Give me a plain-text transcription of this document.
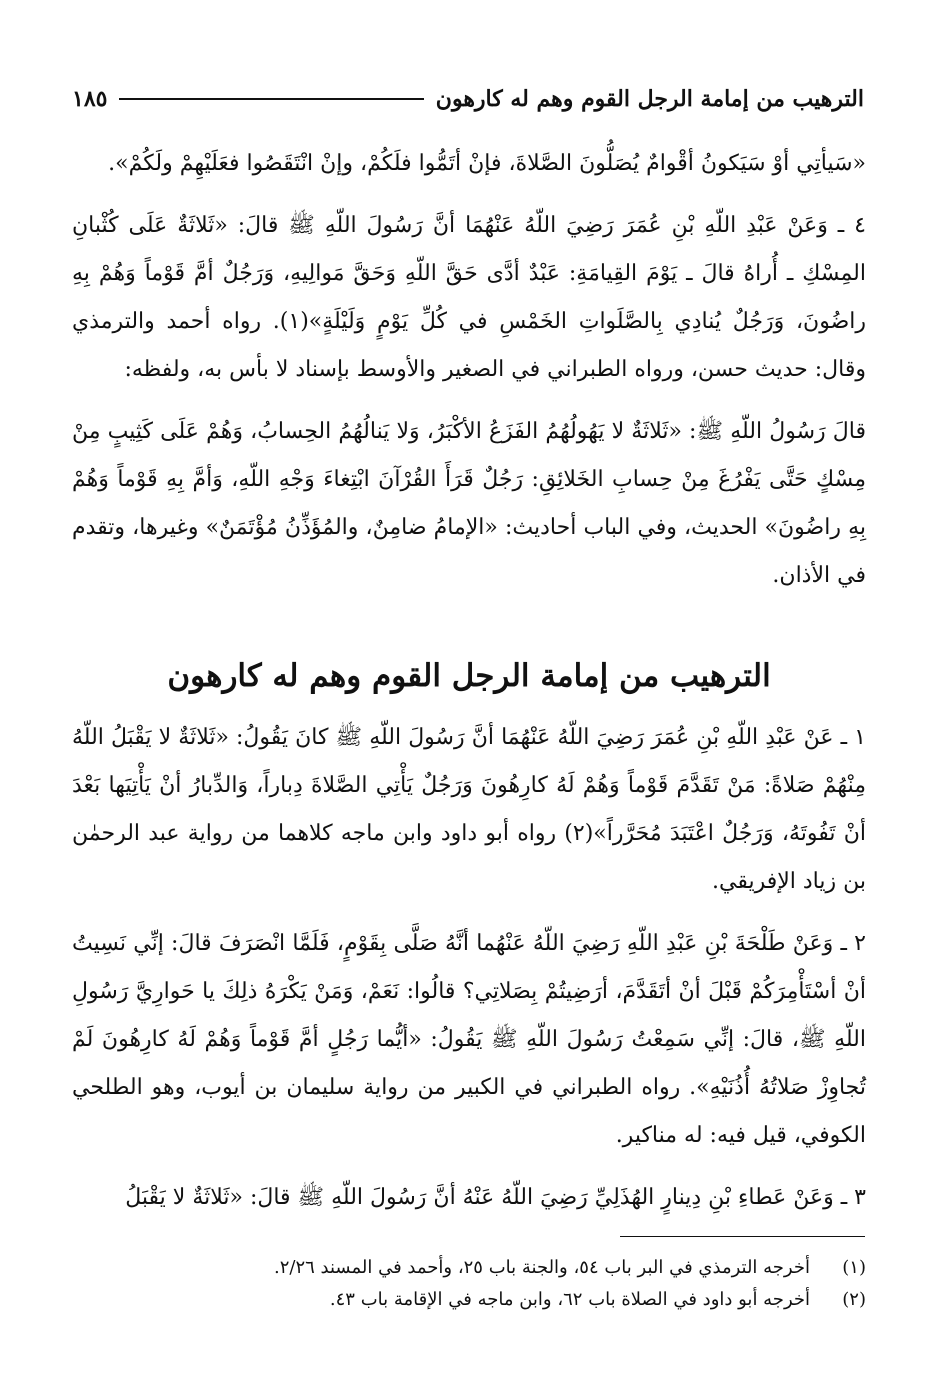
الترهيب من إمامة الرجل القوم وهم له كارهون
١٨٥

«سَيأتِي أوْ سَيَكونُ أقْوامٌ يُصَلُّونَ الصَّلاةَ، فإنْ أتَمُّوا فلَكُمْ، وإنْ انْتَقَصُوا فعَلَيْهِمْ ولَكُمْ».

٤ ـ وَعَنْ عَبْدِ اللّهِ بْنِ عُمَرَ رَضِيَ اللّهُ عَنْهُمَا أنَّ رَسُولَ اللّهِ ﷺ قالَ: «ثَلاثَةٌ عَلَى كُثْبانِ المِسْكِ ـ أُراهُ قالَ ـ يَوْمَ القِيامَةِ: عَبْدٌ أدَّى حَقَّ اللّهِ وَحَقَّ مَوالِيهِ، وَرَجُلٌ أمَّ قَوْماً وَهُمْ بِهِ راضُونَ، وَرَجُلٌ يُنادِي بِالصَّلَواتِ الخَمْسِ في كُلِّ يَوْمٍ وَلَيْلَةٍ»(١). رواه أحمد والترمذي وقال: حديث حسن، ورواه الطبراني في الصغير والأوسط بإسناد لا بأس به، ولفظه:

قالَ رَسُولُ اللّهِ ﷺ: «ثَلاثَةٌ لا يَهُولُهُمُ الفَزَعُ الأكْبَرُ، وَلا يَنالُهُمُ الحِسابُ، وَهُمْ عَلَى كَثِيبٍ مِنْ مِسْكٍ حَتَّى يَفْرُغَ مِنْ حِسابِ الخَلائِقِ: رَجُلٌ قَرَأَ القُرْآنَ ابْتِغاءَ وَجْهِ اللّهِ، وَأمَّ بِهِ قَوْماً وَهُمْ بِهِ راضُونَ» الحديث، وفي الباب أحاديث: «الإمامُ ضامِنٌ، والمُؤَذِّنُ مُؤْتَمَنٌ» وغيرها، وتقدم في الأذان.

الترهيب من إمامة الرجل القوم وهم له كارهون

١ ـ عَنْ عَبْدِ اللّهِ بْنِ عُمَرَ رَضِيَ اللّهُ عَنْهُمَا أنَّ رَسُولَ اللّهِ ﷺ كانَ يَقُولُ: «ثَلاثَةٌ لا يَقْبَلُ اللّهُ مِنْهُمْ صَلاةً: مَنْ تَقَدَّمَ قَوْماً وَهُمْ لَهُ كارِهُونَ وَرَجُلٌ يَأْتِي الصَّلاةَ دِباراً، وَالدِّبارُ أنْ يَأْتِيَها بَعْدَ أنْ تَفُوتَهُ، وَرَجُلٌ اعْتَبَدَ مُحَرَّراً»(٢) رواه أبو داود وابن ماجه كلاهما من رواية عبد الرحمٰن بن زياد الإفريقي.

٢ ـ وَعَنْ طَلْحَةَ بْنِ عَبْدِ اللّهِ رَضِيَ اللّهُ عَنْهُما أنَّهُ صَلَّى بِقَوْمٍ، فَلَمَّا انْصَرَفَ قالَ: إنِّي نَسِيتُ أنْ أسْتَأْمِرَكُمْ قَبْلَ أنْ أتَقَدَّمَ، أرَضِيتُمْ بِصَلاتِي؟ قالُوا: نَعَمْ، وَمَنْ يَكْرَهُ ذلِكَ يا حَوارِيَّ رَسُولِ اللّهِ ﷺ، قالَ: إنِّي سَمِعْتُ رَسُولَ اللّهِ ﷺ يَقُولُ: «أيُّما رَجُلٍ أمَّ قَوْماً وَهُمْ لَهُ كارِهُونَ لَمْ تُجاوِزْ صَلاتُهُ أُذُنَيْهِ». رواه الطبراني في الكبير من رواية سليمان بن أيوب، وهو الطلحي الكوفي، قيل فيه: له مناكير.

٣ ـ وَعَنْ عَطاءِ بْنِ دِينارٍ الهُذَلِيِّ رَضِيَ اللّهُ عَنْهُ أنَّ رَسُولَ اللّهِ ﷺ قالَ: «ثَلاثَةٌ لا يَقْبَلُ

(١)
أخرجه الترمذي في البر باب ٥٤، والجنة باب ٢٥، وأحمد في المسند ٢/٢٦.
(٢)
أخرجه أبو داود في الصلاة باب ٦٢، وابن ماجه في الإقامة باب ٤٣.
